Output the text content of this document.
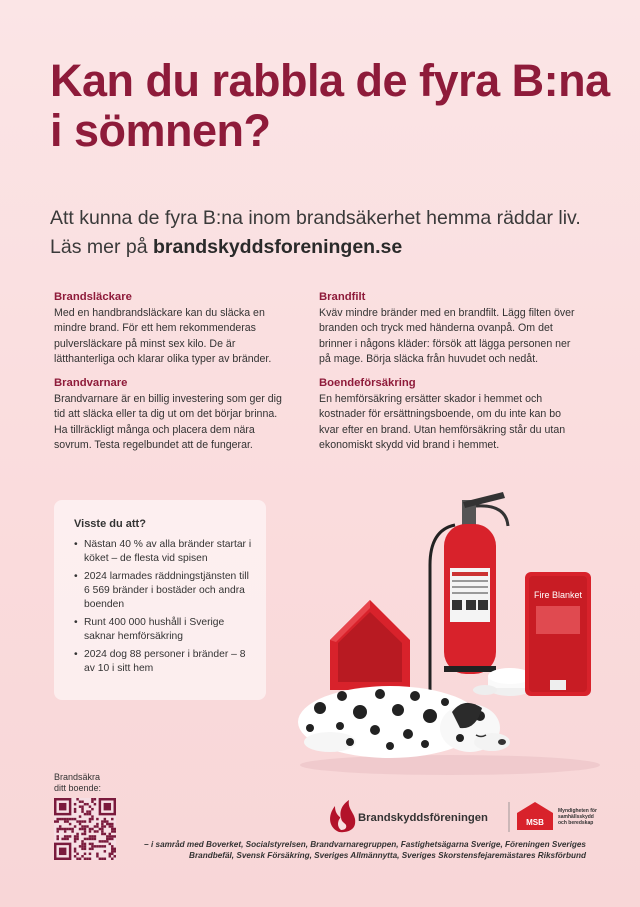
Kan du rabbla de fyra B:na i sömnen?

Att kunna de fyra B:na inom brandsäkerhet hemma räddar liv. Läs mer på brandskyddsforeningen.se

Brandsläckare

Med en handbrandsläckare kan du släcka en mindre brand. För ett hem rekommenderas pulversläckare på minst sex kilo. De är lätthanterliga och klarar olika typer av bränder.

Brandvarnare

Brandvarnare är en billig investering som ger dig tid att släcka eller ta dig ut om det börjar brinna. Ha tillräckligt många och placera dem nära sovrum. Testa regelbundet att de fungerar.

Brandfilt

Kväv mindre bränder med en brandfilt. Lägg filten över branden och tryck med händerna ovanpå. Om det brinner i någons kläder: försök att lägga personen ner på mage. Börja släcka från huvudet och nedåt.

Boendeförsäkring

En hemförsäkring ersätter skador i hemmet och kostnader för ersättningsboende, om du inte kan bo kvar efter en brand. Utan hemförsäkring står du utan ekonomiskt skydd vid brand i hemmet.

Visste du att?
• Nästan 40 % av alla bränder startar i köket – de flesta vid spisen
• 2024 larmades räddningstjänsten till 6 569 bränder i bostäder och andra boenden
• Runt 400 000 hushåll i Sverige saknar hemförsäkring
• 2024 dog 88 personer i bränder – 8 av 10 i sitt hem
Fire Blanket
Brandsäkra
ditt boende:
MSB
Brandskyddsföreningen
Myndigheten för
samhällsskydd
och beredskap
– i samråd med Boverket, Socialstyrelsen, Brandvarnaregruppen, Fastighetsägarna Sverige, Föreningen Sveriges
Brandbefäl, Svensk Försäkring, Sveriges Allmännytta, Sveriges Skorstensfejaremästares Riksförbund
